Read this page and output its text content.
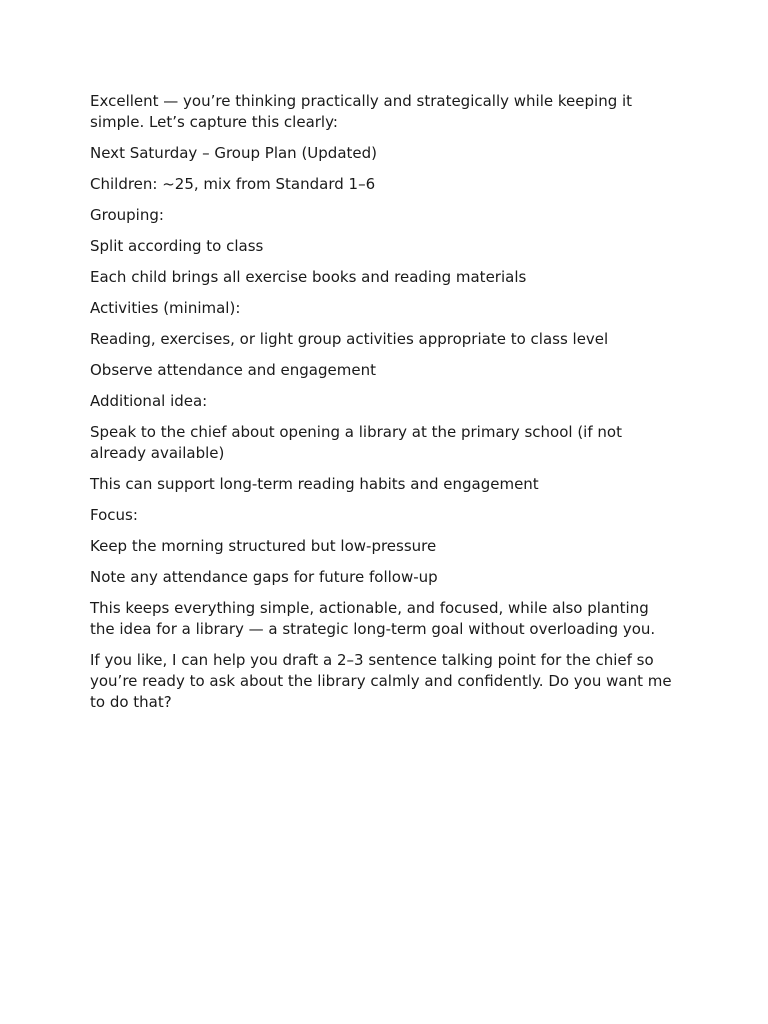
Excellent — you’re thinking practically and strategically while keeping it
simple. Let’s capture this clearly:

Next Saturday – Group Plan (Updated)

Children: ~25, mix from Standard 1–6

Grouping:

Split according to class

Each child brings all exercise books and reading materials

Activities (minimal):

Reading, exercises, or light group activities appropriate to class level

Observe attendance and engagement

Additional idea:

Speak to the chief about opening a library at the primary school (if not
already available)

This can support long-term reading habits and engagement

Focus:

Keep the morning structured but low-pressure

Note any attendance gaps for future follow-up

This keeps everything simple, actionable, and focused, while also planting
the idea for a library — a strategic long-term goal without overloading you.

If you like, I can help you draft a 2–3 sentence talking point for the chief so
you’re ready to ask about the library calmly and confidently. Do you want me
to do that?
